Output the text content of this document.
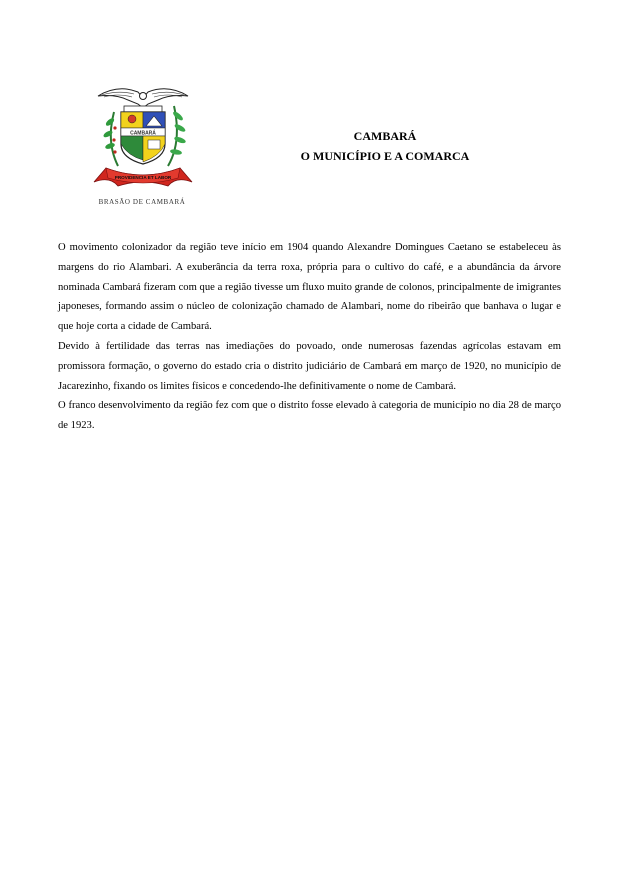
CAMBARÁ
PROVIDENCIA ET LABOR
BRASÃO DE CAMBARÁ
CAMBARÁ
O MUNICÍPIO E A COMARCA

O movimento colonizador da região teve início em 1904 quando Alexandre Domingues Caetano se estabeleceu às margens do rio Alambari. A exuberância da terra roxa, própria para o cultivo do café, e a abundância da árvore nominada Cambará fizeram com que a região tivesse um fluxo muito grande de colonos, principalmente de imigrantes japoneses, formando assim o núcleo de colonização chamado de Alambari, nome do ribeirão que banhava o lugar e que hoje corta a cidade de Cambará.

Devido à fertilidade das terras nas imediações do povoado, onde numerosas fazendas agrícolas estavam em promissora formação, o governo do estado cria o distrito judiciário de Cambará em março de 1920, no município de Jacarezinho, fixando os limites físicos e concedendo-lhe definitivamente o nome de Cambará.

O franco desenvolvimento da região fez com que o distrito fosse elevado à categoria de município no dia 28 de março de 1923.
